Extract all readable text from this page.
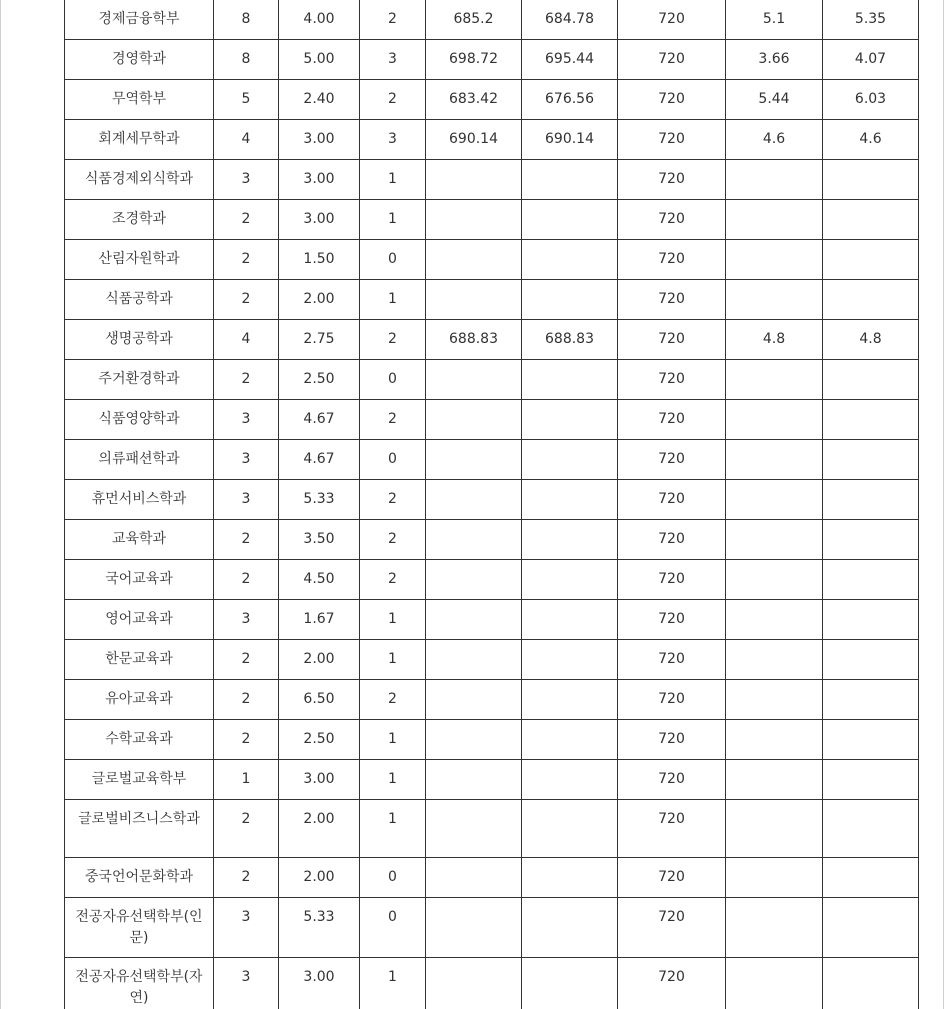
경제금융학부	8	4.00	2	685.2	684.78	720	5.1	5.35
경영학과	8	5.00	3	698.72	695.44	720	3.66	4.07
무역학부	5	2.40	2	683.42	676.56	720	5.44	6.03
회계세무학과	4	3.00	3	690.14	690.14	720	4.6	4.6
식품경제외식학과	3	3.00	1			720		
조경학과	2	3.00	1			720		
산림자원학과	2	1.50	0			720		
식품공학과	2	2.00	1			720		
생명공학과	4	2.75	2	688.83	688.83	720	4.8	4.8
주거환경학과	2	2.50	0			720		
식품영양학과	3	4.67	2			720		
의류패션학과	3	4.67	0			720		
휴먼서비스학과	3	5.33	2			720		
교육학과	2	3.50	2			720		
국어교육과	2	4.50	2			720		
영어교육과	3	1.67	1			720		
한문교육과	2	2.00	1			720		
유아교육과	2	6.50	2			720		
수학교육과	2	2.50	1			720		
글로벌교육학부	1	3.00	1			720		
글로벌비즈니스학과	2	2.00	1			720		
중국언어문화학과	2	2.00	0			720		
전공자유선택학부(인문)	3	5.33	0			720		
전공자유선택학부(자연)	3	3.00	1			720		
